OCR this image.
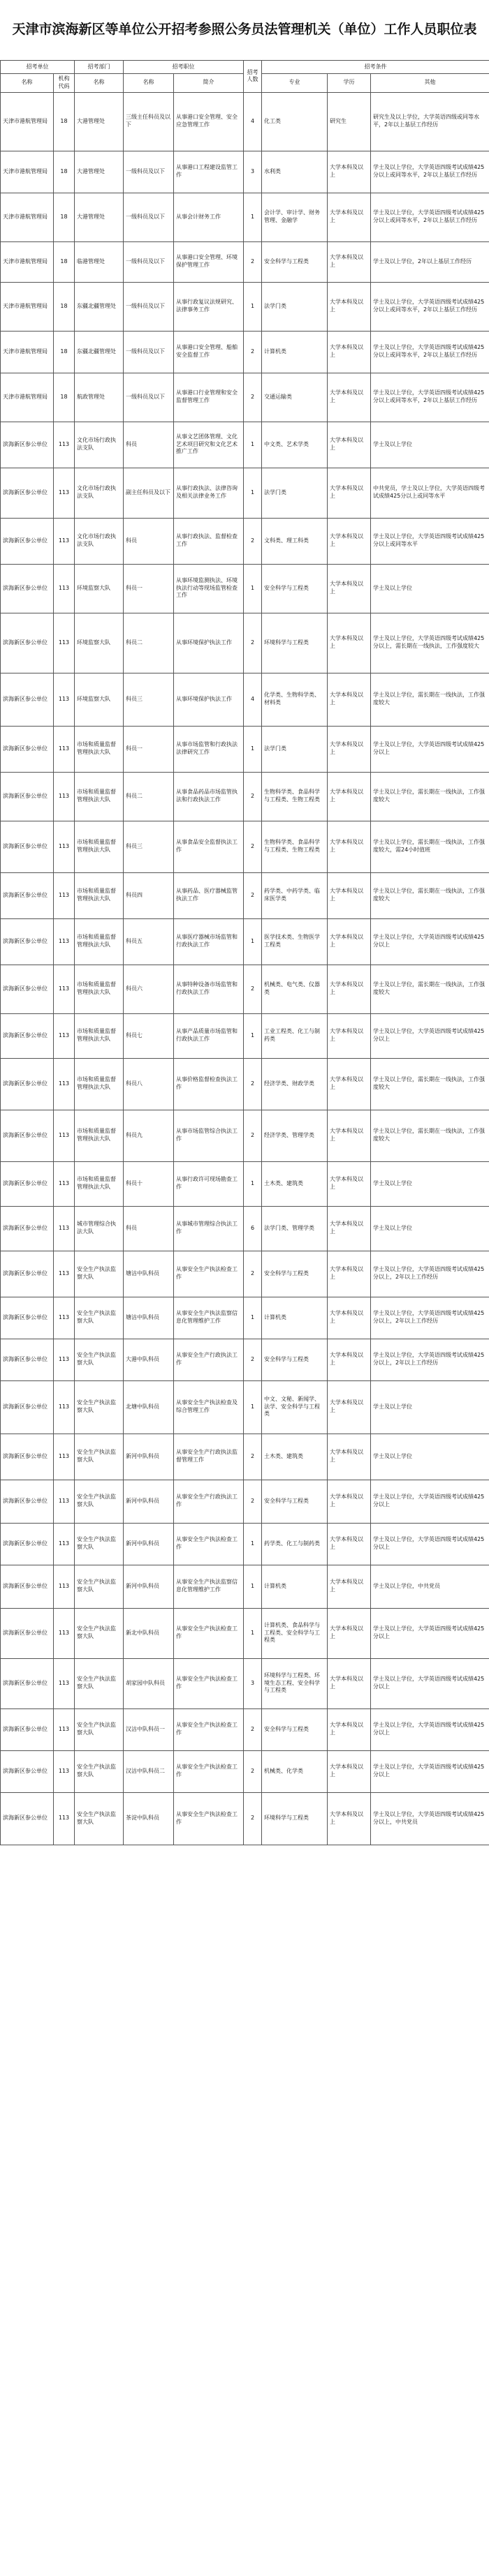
天津市滨海新区等单位公开招考参照公务员法管理机关（单位）工作人员职位表
招考单位		招考部门	招考职位		招考人数	招考条件		
名称	机构代码	名称	名称	简介		专业	学历	其他
天津市港航管理局	18	大港管理处	三级主任科员及以下	从事港口安全管理、安全应急管理工作	4	化工类	研究生	研究生及以上学位，大学英语四级或同等水平，2年以上基层工作经历
天津市港航管理局	18	大港管理处	一级科员及以下	从事港口工程建设监管工作	3	水利类	大学本科及以上	学士及以上学位，大学英语四级考试成绩425分以上或同等水平，2年以上基层工作经历
天津市港航管理局	18	大港管理处	一级科员及以下	从事会计财务工作	1	会计学、审计学、财务管理、金融学	大学本科及以上	学士及以上学位，大学英语四级考试成绩425分以上或同等水平，2年以上基层工作经历
天津市港航管理局	18	临港管理处	一级科员及以下	从事港口安全管理、环境保护管理工作	2	安全科学与工程类	大学本科及以上	学士及以上学位，2年以上基层工作经历
天津市港航管理局	18	东疆北疆管理处	一级科员及以下	从事行政复议法规研究、法律事务工作	1	法学门类	大学本科及以上	学士及以上学位，大学英语四级考试成绩425分以上或同等水平，2年以上基层工作经历
天津市港航管理局	18	东疆北疆管理处	一级科员及以下	从事港口安全管理、船舶安全监督工作	2	计算机类	大学本科及以上	学士及以上学位，大学英语四级考试成绩425分以上或同等水平，2年以上基层工作经历
天津市港航管理局	18	航政管理处	一级科员及以下	从事港口行业管理和安全监督管理工作	2	交通运输类	大学本科及以上	学士及以上学位，大学英语四级考试成绩425分以上或同等水平，2年以上基层工作经历
滨海新区参公单位	113	文化市场行政执法支队	科员	从事文艺团体管理、文化艺术项目研究和文化艺术推广工作	1	中文类、艺术学类	大学本科及以上	学士及以上学位
滨海新区参公单位	113	文化市场行政执法支队	副主任科员及以下	从事行政执法、法律咨询及相关法律业务工作	1	法学门类	大学本科及以上	中共党员，学士及以上学位，大学英语四级考试成绩425分以上或同等水平
滨海新区参公单位	113	文化市场行政执法支队	科员	从事行政执法、监督检查工作	2	文科类、理工科类	大学本科及以上	学士及以上学位，大学英语四级考试成绩425分以上或同等水平
滨海新区参公单位	113	环境监察大队	科员一	从事环境监测执法、环境执法行动等现场监管检查工作	1	安全科学与工程类	大学本科及以上	学士及以上学位
滨海新区参公单位	113	环境监察大队	科员二	从事环境保护执法工作	2	环境科学与工程类	大学本科及以上	学士及以上学位，大学英语四级考试成绩425分以上，需长期在一线执法，工作强度较大
滨海新区参公单位	113	环境监察大队	科员三	从事环境保护执法工作	4	化学类、生物科学类、材料类	大学本科及以上	学士及以上学位，需长期在一线执法，工作强度较大
滨海新区参公单位	113	市场和质量监督管理执法大队	科员一	从事市场监管和行政执法法律研究工作	1	法学门类	大学本科及以上	学士及以上学位，大学英语四级考试成绩425分以上
滨海新区参公单位	113	市场和质量监督管理执法大队	科员二	从事食品药品市场监管执法和行政执法工作	2	生物科学类、食品科学与工程类、生物工程类	大学本科及以上	学士及以上学位，需长期在一线执法，工作强度较大
滨海新区参公单位	113	市场和质量监督管理执法大队	科员三	从事食品安全监督执法工作	2	生物科学类、食品科学与工程类、生物工程类	大学本科及以上	学士及以上学位，需长期在一线执法，工作强度较大，需24小时值班
滨海新区参公单位	113	市场和质量监督管理执法大队	科员四	从事药品、医疗器械监管执法工作	2	药学类、中药学类、临床医学类	大学本科及以上	学士及以上学位，需长期在一线执法，工作强度较大
滨海新区参公单位	113	市场和质量监督管理执法大队	科员五	从事医疗器械市场监管和行政执法工作	1	医学技术类、生物医学工程类	大学本科及以上	学士及以上学位，大学英语四级考试成绩425分以上
滨海新区参公单位	113	市场和质量监督管理执法大队	科员六	从事特种设备市场监管和行政执法工作	2	机械类、电气类、仪器类	大学本科及以上	学士及以上学位，需长期在一线执法，工作强度较大
滨海新区参公单位	113	市场和质量监督管理执法大队	科员七	从事产品质量市场监管和行政执法工作	1	工业工程类、化工与制药类	大学本科及以上	学士及以上学位，大学英语四级考试成绩425分以上
滨海新区参公单位	113	市场和质量监督管理执法大队	科员八	从事价格监督检查执法工作	2	经济学类、财政学类	大学本科及以上	学士及以上学位，需长期在一线执法，工作强度较大
滨海新区参公单位	113	市场和质量监督管理执法大队	科员九	从事市场监管综合执法工作	2	经济学类、管理学类	大学本科及以上	学士及以上学位，需长期在一线执法，工作强度较大
滨海新区参公单位	113	市场和质量监督管理执法大队	科员十	从事行政许可现场勘查工作	1	土木类、建筑类	大学本科及以上	学士及以上学位
滨海新区参公单位	113	城市管理综合执法大队	科员	从事城市管理综合执法工作	6	法学门类、管理学类	大学本科及以上	学士及以上学位
滨海新区参公单位	113	安全生产执法监察大队	塘沽中队科员	从事安全生产执法检查工作	2	安全科学与工程类	大学本科及以上	学士及以上学位，大学英语四级考试成绩425分以上，2年以上工作经历
滨海新区参公单位	113	安全生产执法监察大队	塘沽中队科员	从事安全生产执法监察信息化管理维护工作	1	计算机类	大学本科及以上	学士及以上学位，大学英语四级考试成绩425分以上，2年以上工作经历
滨海新区参公单位	113	安全生产执法监察大队	大港中队科员	从事安全生产行政执法工作	2	安全科学与工程类	大学本科及以上	学士及以上学位，大学英语四级考试成绩425分以上，2年以上工作经历
滨海新区参公单位	113	安全生产执法监察大队	北塘中队科员	从事安全生产执法检查及综合管理工作	1	中文、文秘、新闻学、法学、安全科学与工程类	大学本科及以上	学士及以上学位
滨海新区参公单位	113	安全生产执法监察大队	新河中队科员	从事安全生产行政执法监督管理工作	2	土木类、建筑类	大学本科及以上	学士及以上学位
滨海新区参公单位	113	安全生产执法监察大队	新河中队科员	从事安全生产行政执法工作	2	安全科学与工程类	大学本科及以上	学士及以上学位，大学英语四级考试成绩425分以上
滨海新区参公单位	113	安全生产执法监察大队	新河中队科员	从事安全生产执法检查工作	1	药学类、化工与制药类	大学本科及以上	学士及以上学位，大学英语四级考试成绩425分以上
滨海新区参公单位	113	安全生产执法监察大队	新河中队科员	从事安全生产执法监察信息化管理维护工作	1	计算机类	大学本科及以上	学士及以上学位，中共党员
滨海新区参公单位	113	安全生产执法监察大队	新北中队科员	从事安全生产执法检查工作	1	计算机类、食品科学与工程类、安全科学与工程类	大学本科及以上	学士及以上学位，大学英语四级考试成绩425分以上
滨海新区参公单位	113	安全生产执法监察大队	胡家园中队科员	从事安全生产执法检查工作	3	环境科学与工程类、环境生态工程、安全科学与工程类	大学本科及以上	学士及以上学位，大学英语四级考试成绩425分以上
滨海新区参公单位	113	安全生产执法监察大队	汉沽中队科员一	从事安全生产执法检查工作	2	安全科学与工程类	大学本科及以上	学士及以上学位，大学英语四级考试成绩425分以上
滨海新区参公单位	113	安全生产执法监察大队	汉沽中队科员二	从事安全生产执法检查工作	2	机械类、化学类	大学本科及以上	学士及以上学位，大学英语四级考试成绩425分以上
滨海新区参公单位	113	安全生产执法监察大队	茶淀中队科员	从事安全生产执法检查工作	2	环境科学与工程类	大学本科及以上	学士及以上学位，大学英语四级考试成绩425分以上，中共党员
